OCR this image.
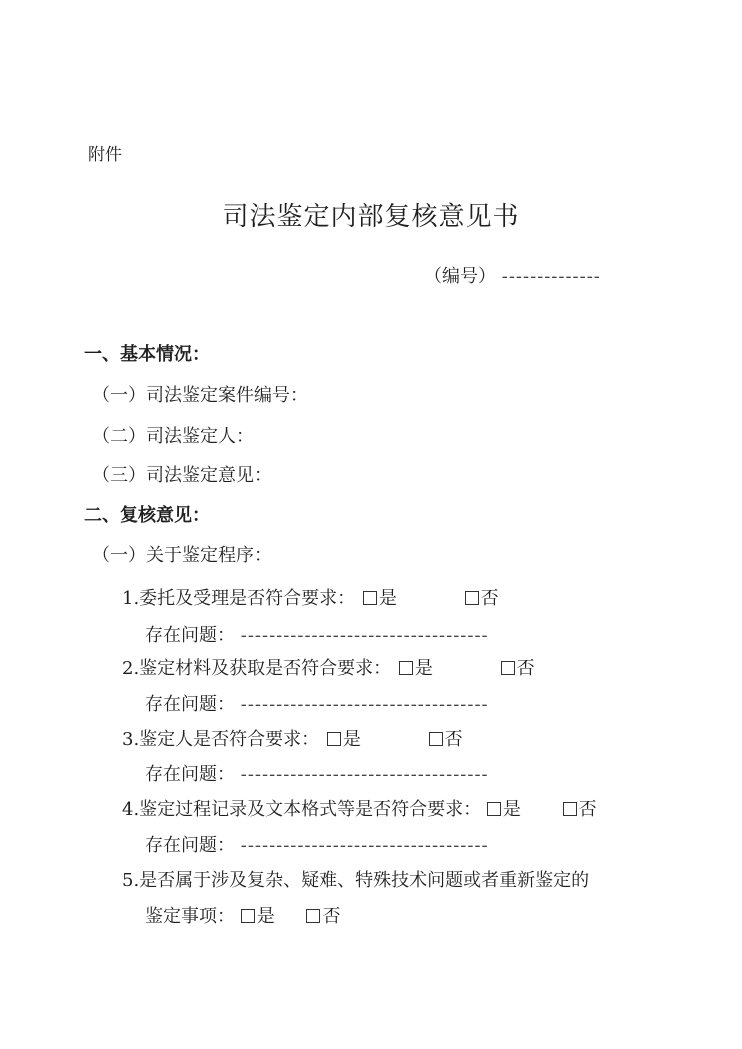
附件
司法鉴定内部复核意见书
（编号） --------------
一、基本情况：
（一）司法鉴定案件编号：
（二）司法鉴定人：
（三）司法鉴定意见：
二、复核意见：
（一）关于鉴定程序：
1.委托及受理是否符合要求： 是	否
存在问题： -----------------------------------
2.鉴定材料及获取是否符合要求： 是	否
存在问题： -----------------------------------
3.鉴定人是否符合要求： 是	否
存在问题： -----------------------------------
4.鉴定过程记录及文本格式等是否符合要求： 是	否
存在问题： -----------------------------------
5.是否属于涉及复杂、疑难、特殊技术问题或者重新鉴定的
鉴定事项： 是	否
